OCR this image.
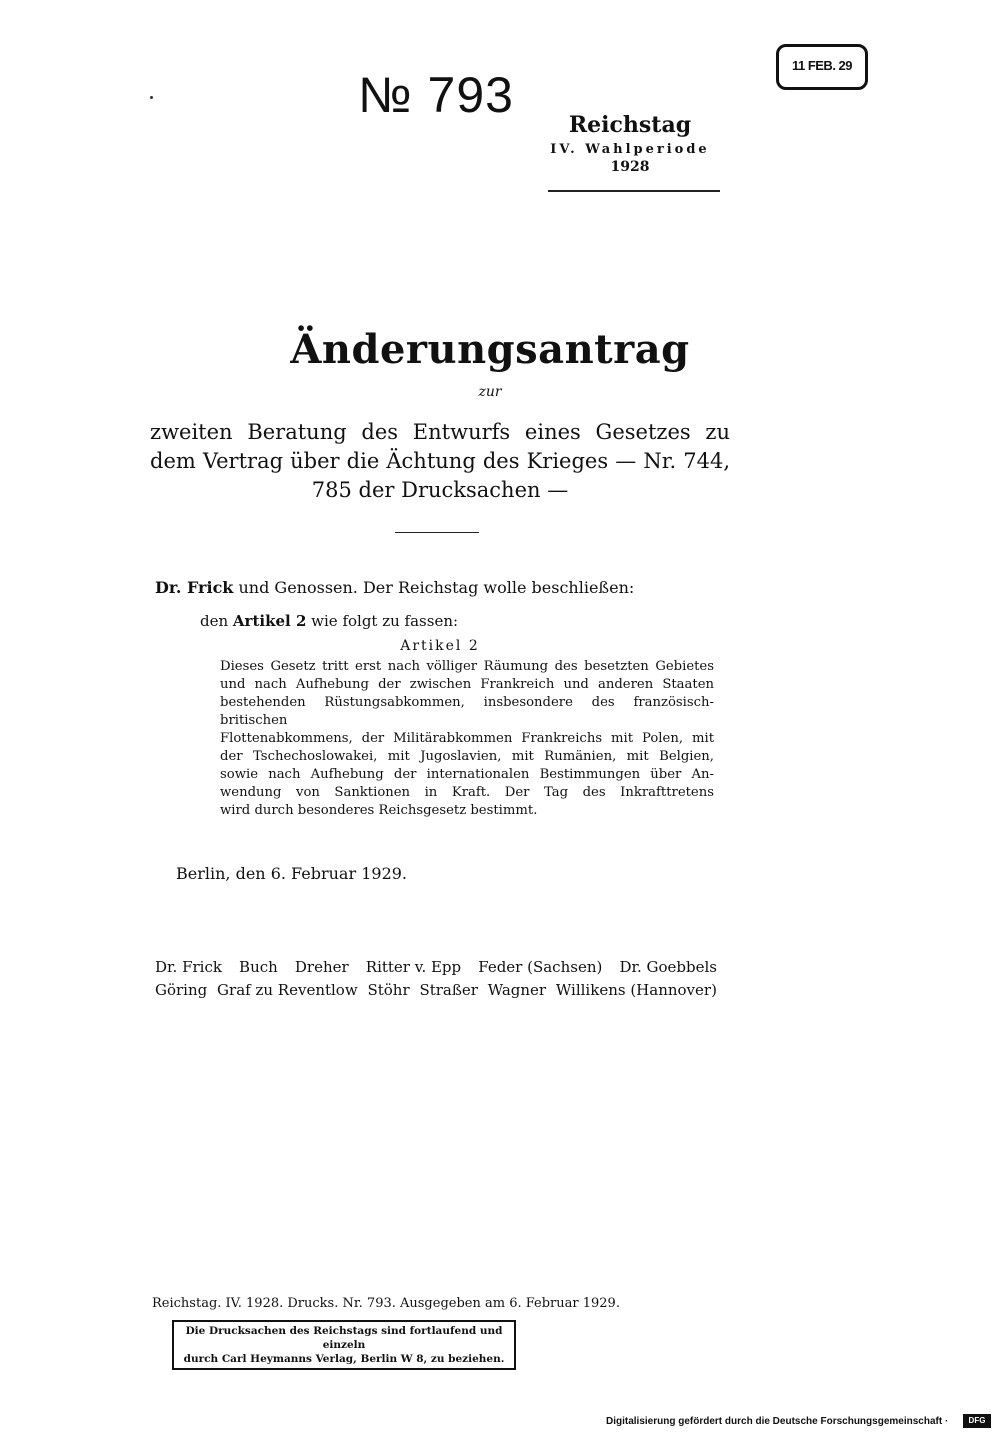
№ 793
11 FEB. 29
Reichstag
IV. Wahlperiode
1928
Änderungsantrag
zur
zweiten Beratung des Entwurfs eines Gesetzes zu dem Vertrag über die Ächtung des Krieges — Nr. 744, 785 der Drucksachen —
Dr. Frick und Genossen. Der Reichstag wolle beschließen:
den Artikel 2 wie folgt zu fassen:
Artikel 2
Dieses Gesetz tritt erst nach völliger Räumung des besetzten Gebietes
und nach Aufhebung der zwischen Frankreich und anderen Staaten
bestehenden Rüstungsabkommen, insbesondere des französisch-britischen
Flottenabkommens, der Militärabkommen Frankreichs mit Polen, mit
der Tschechoslowakei, mit Jugoslavien, mit Rumänien, mit Belgien,
sowie nach Aufhebung der internationalen Bestimmungen über An-
wendung von Sanktionen in Kraft. Der Tag des Inkrafttretens
wird durch besonderes Reichsgesetz bestimmt.
Berlin, den 6. Februar 1929.
Dr. Frick Buch Dreher Ritter v. Epp Feder (Sachsen) Dr. Goebbels
Göring Graf zu Reventlow Stöhr Straßer Wagner Willikens (Hannover)
Reichstag. IV. 1928. Drucks. Nr. 793. Ausgegeben am 6. Februar 1929.
Die Drucksachen des Reichstags sind fortlaufend und einzeln
durch Carl Heymanns Verlag, Berlin W 8, zu beziehen.
Digitalisierung gefördert durch die Deutsche Forschungsgemeinschaft ·	DFG
